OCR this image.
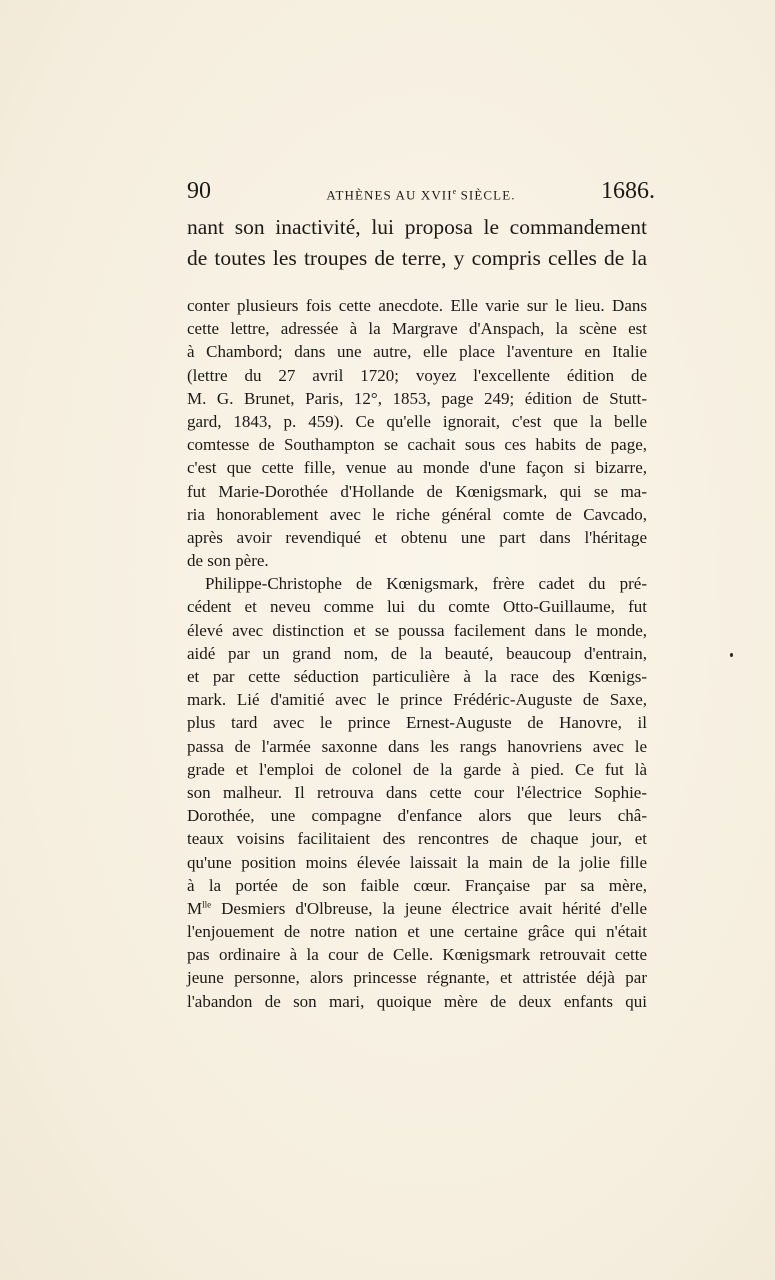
90	ATHÈNES AU XVIIe SIÈCLE.	1686.
nant son inactivité, lui proposa le commandement
de toutes les troupes de terre, y compris celles de la
conter plusieurs fois cette anecdote. Elle varie sur le lieu. Dans
cette lettre, adressée à la Margrave d'Anspach, la scène est
à Chambord; dans une autre, elle place l'aventure en Italie
(lettre du 27 avril 1720; voyez l'excellente édition de
M. G. Brunet, Paris, 12°, 1853, page 249; édition de Stutt-
gard, 1843, p. 459). Ce qu'elle ignorait, c'est que la belle
comtesse de Southampton se cachait sous ces habits de page,
c'est que cette fille, venue au monde d'une façon si bizarre,
fut Marie-Dorothée d'Hollande de Kœnigsmark, qui se ma-
ria honorablement avec le riche général comte de Cavcado,
après avoir revendiqué et obtenu une part dans l'héritage
de son père.
Philippe-Christophe de Kœnigsmark, frère cadet du pré-
cédent et neveu comme lui du comte Otto-Guillaume, fut
élevé avec distinction et se poussa facilement dans le monde,
aidé par un grand nom, de la beauté, beaucoup d'entrain,
et par cette séduction particulière à la race des Kœnigs-
mark. Lié d'amitié avec le prince Frédéric-Auguste de Saxe,
plus tard avec le prince Ernest-Auguste de Hanovre, il
passa de l'armée saxonne dans les rangs hanovriens avec le
grade et l'emploi de colonel de la garde à pied. Ce fut là
son malheur. Il retrouva dans cette cour l'électrice Sophie-
Dorothée, une compagne d'enfance alors que leurs châ-
teaux voisins facilitaient des rencontres de chaque jour, et
qu'une position moins élevée laissait la main de la jolie fille
à la portée de son faible cœur. Française par sa mère,
$M^{lle}$ Desmiers d'Olbreuse, la jeune électrice avait hérité d'elle
l'enjouement de notre nation et une certaine grâce qui n'était
pas ordinaire à la cour de Celle. Kœnigsmark retrouvait cette
jeune personne, alors princesse régnante, et attristée déjà par
l'abandon de son mari, quoique mère de deux enfants qui
